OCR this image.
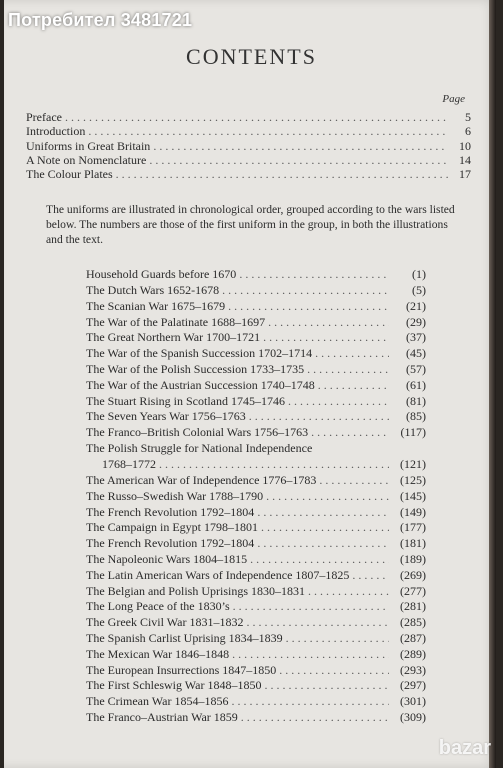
Потребител 3481721
CONTENTS
Page
Preface . . .	5
Introduction . . .	6
Uniforms in Great Britain . . .	10
A Note on Nomenclature . . .	14
The Colour Plates . . .	17

The uniforms are illustrated in chronological order, grouped according to the wars listed below. The numbers are those of the first uniform in the group, in both the illustrations and the text.

Household Guards before 1670 . . .	(1)
The Dutch Wars 1652-1678 . . .	(5)
The Scanian War 1675–1679 . . .	(21)
The War of the Palatinate 1688–1697 . . .	(29)
The Great Northern War 1700–1721 . . .	(37)
The War of the Spanish Succession 1702–1714 . . .	(45)
The War of the Polish Succession 1733–1735 . . .	(57)
The War of the Austrian Succession 1740–1748 . . .	(61)
The Stuart Rising in Scotland 1745–1746 . . .	(81)
The Seven Years War 1756–1763 . . .	(85)
The Franco–British Colonial Wars 1756–1763 . . .	(117)
The Polish Struggle for National Independence
1768–1772 . . .	(121)
The American War of Independence 1776–1783 . . .	(125)
The Russo–Swedish War 1788–1790 . . .	(145)
The French Revolution 1792–1804 . . .	(149)
The Campaign in Egypt 1798–1801 . . .	(177)
The French Revolution 1792–1804 . . .	(181)
The Napoleonic Wars 1804–1815 . . .	(189)
The Latin American Wars of Independence 1807–1825 . . .	(269)
The Belgian and Polish Uprisings 1830–1831 . . .	(277)
The Long Peace of the 1830’s . . .	(281)
The Greek Civil War 1831–1832 . . .	(285)
The Spanish Carlist Uprising 1834–1839 . . .	(287)
The Mexican War 1846–1848 . . .	(289)
The European Insurrections 1847–1850 . . .	(293)
The First Schleswig War 1848–1850 . . .	(297)
The Crimean War 1854–1856 . . .	(301)
The Franco–Austrian War 1859 . . .	(309)
bazar
